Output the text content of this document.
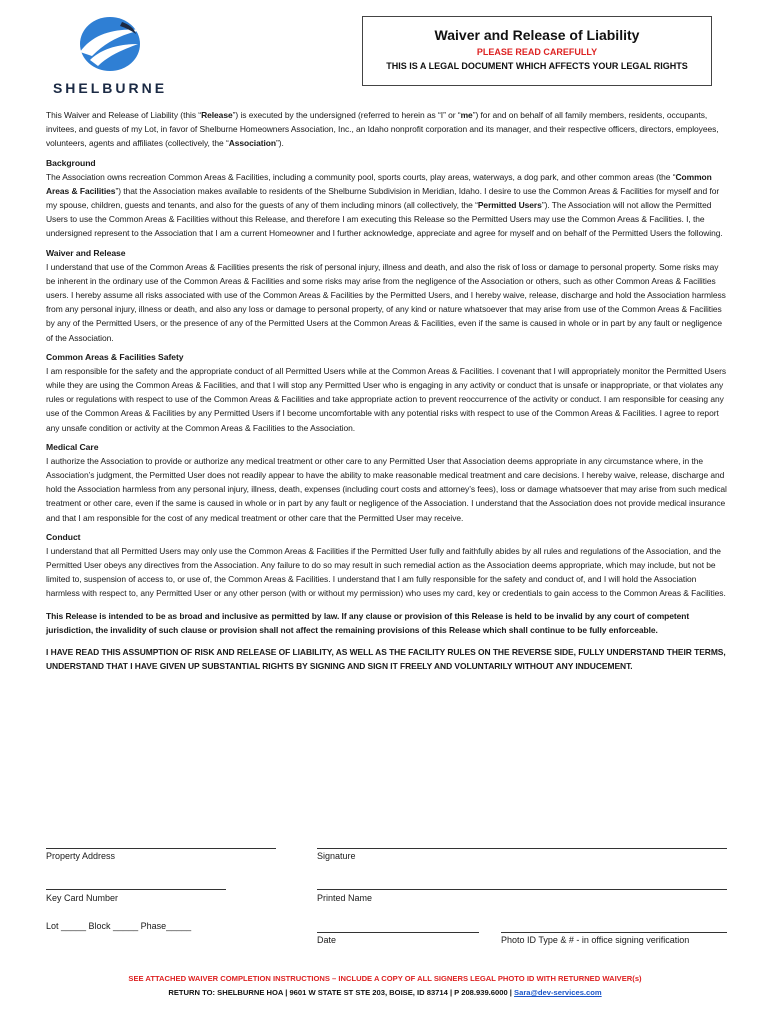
SHELBURNE
Waiver and Release of Liability
PLEASE READ CAREFULLY
THIS IS A LEGAL DOCUMENT WHICH AFFECTS YOUR LEGAL RIGHTS

This Waiver and Release of Liability (this “Release”) is executed by the undersigned (referred to herein as “I” or “me”) for and on behalf of all family members, residents, occupants, invitees, and guests of my Lot, in favor of Shelburne Homeowners Association, Inc., an Idaho nonprofit corporation and its manager, and their respective officers, directors, employees, volunteers, agents and affiliates (collectively, the “Association”).

Background

The Association owns recreation Common Areas & Facilities, including a community pool, sports courts, play areas, waterways, a dog park, and other common areas (the “Common Areas & Facilities”) that the Association makes available to residents of the Shelburne Subdivision in Meridian, Idaho. I desire to use the Common Areas & Facilities for myself and for my spouse, children, guests and tenants, and also for the guests of any of them including minors (all collectively, the “Permitted Users”). The Association will not allow the Permitted Users to use the Common Areas & Facilities without this Release, and therefore I am executing this Release so the Permitted Users may use the Common Areas & Facilities. I, the undersigned represent to the Association that I am a current Homeowner and I further acknowledge, appreciate and agree for myself and on behalf of the Permitted Users the following.

Waiver and Release

I understand that use of the Common Areas & Facilities presents the risk of personal injury, illness and death, and also the risk of loss or damage to personal property. Some risks may be inherent in the ordinary use of the Common Areas & Facilities and some risks may arise from the negligence of the Association or others, such as other Common Areas & Facilities users. I hereby assume all risks associated with use of the Common Areas & Facilities by the Permitted Users, and I hereby waive, release, discharge and hold the Association harmless from any personal injury, illness or death, and also any loss or damage to personal property, of any kind or nature whatsoever that may arise from use of the Common Areas & Facilities by any of the Permitted Users, or the presence of any of the Permitted Users at the Common Areas & Facilities, even if the same is caused in whole or in part by any fault or negligence of the Association.

Common Areas & Facilities Safety

I am responsible for the safety and the appropriate conduct of all Permitted Users while at the Common Areas & Facilities. I covenant that I will appropriately monitor the Permitted Users while they are using the Common Areas & Facilities, and that I will stop any Permitted User who is engaging in any activity or conduct that is unsafe or inappropriate, or that violates any rules or regulations with respect to use of the Common Areas & Facilities and take appropriate action to prevent reoccurrence of the activity or conduct. I am responsible for ceasing any use of the Common Areas & Facilities by any Permitted Users if I become uncomfortable with any potential risks with respect to use of the Common Areas & Facilities. I agree to report any unsafe condition or activity at the Common Areas & Facilities to the Association.

Medical Care

I authorize the Association to provide or authorize any medical treatment or other care to any Permitted User that Association deems appropriate in any circumstance where, in the Association’s judgment, the Permitted User does not readily appear to have the ability to make reasonable medical treatment and care decisions. I hereby waive, release, discharge and hold the Association harmless from any personal injury, illness, death, expenses (including court costs and attorney’s fees), loss or damage whatsoever that may arise from such medical treatment or other care, even if the same is caused in whole or in part by any fault or negligence of the Association. I understand that the Association does not provide medical insurance and that I am responsible for the cost of any medical treatment or other care that the Permitted User may receive.

Conduct

I understand that all Permitted Users may only use the Common Areas & Facilities if the Permitted User fully and faithfully abides by all rules and regulations of the Association, and the Permitted User obeys any directives from the Association. Any failure to do so may result in such remedial action as the Association deems appropriate, which may include, but not be limited to, suspension of access to, or use of, the Common Areas & Facilities. I understand that I am fully responsible for the safety and conduct of, and I will hold the Association harmless with respect to, any Permitted User or any other person (with or without my permission) who uses my card, key or credentials to gain access to the Common Areas & Facilities.

This Release is intended to be as broad and inclusive as permitted by law. If any clause or provision of this Release is held to be invalid by any court of competent jurisdiction, the invalidity of such clause or provision shall not affect the remaining provisions of this Release which shall continue to be fully enforceable.

I HAVE READ THIS ASSUMPTION OF RISK AND RELEASE OF LIABILITY, AS WELL AS THE FACILITY RULES ON THE REVERSE SIDE, FULLY UNDERSTAND THEIR TERMS, UNDERSTAND THAT I HAVE GIVEN UP SUBSTANTIAL RIGHTS BY SIGNING AND SIGN IT FREELY AND VOLUNTARILY WITHOUT ANY INDUCEMENT.

Property Address	Signature
Key Card Number	Printed Name
Lot _____ Block _____ Phase_____
Date	Photo ID Type & # - in office signing verification
SEE ATTACHED WAIVER COMPLETION INSTRUCTIONS – INCLUDE A COPY OF ALL SIGNERS LEGAL PHOTO ID WITH RETURNED WAIVER(s)
RETURN TO: SHELBURNE HOA | 9601 W STATE ST STE 203, BOISE, ID 83714 | P 208.939.6000 | Sara@dev-services.com
